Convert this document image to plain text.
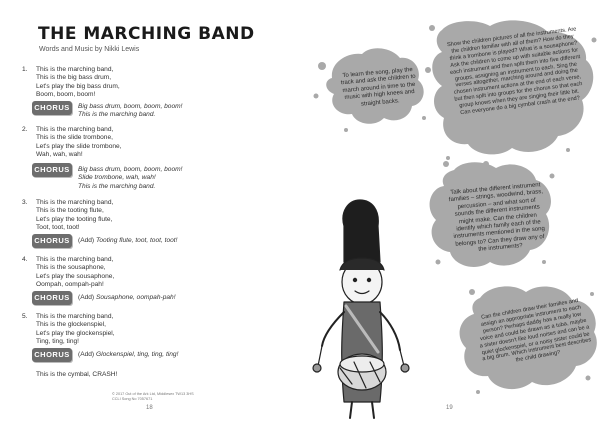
THE MARCHING BAND
Words and Music by Nikki Lewis
1. This is the marching band,
This is the big bass drum,
Let's play the big bass drum,
Boom, boom, boom!
CHORUS	Big bass drum, boom, boom, boom!
This is the marching band.
2. This is the marching band,
This is the slide trombone,
Let's play the slide trombone,
Wah, wah, wah!
CHORUS	Big bass drum, boom, boom, boom!
Slide trombone, wah, wah!
This is the marching band.
3. This is the marching band,
This is the tooting flute,
Let's play the tooting flute,
Toot, toot, toot!
CHORUS	(Add) Tooting flute, toot, toot, toot!
4. This is the marching band,
This is the sousaphone,
Let's play the sousaphone,
Oompah, oompah-pah!
CHORUS	(Add) Sousaphone, oompah-pah!
5. This is the marching band,
This is the glockenspiel,
Let's play the glockenspiel,
Ting, ting, ting!
CHORUS	(Add) Glockenspiel, ting, ting, ting!
This is the cymbal, CRASH!
© 2017 Out of the Ark Ltd, Middlesex TW13 3HS
CCLI Song No 7057671
18
To learn the song, play the track and ask the children to march around in time to the music with high knees and straight backs.
Show the children pictures of all the instruments. Are the children familiar with all of them? How do they think a trombone is played? What is a sousaphone? Ask the children to come up with suitable actions for each instrument and then split them into five different groups, assigning an instrument to each. Sing the verses altogether, marching around and doing the chosen instrument actions at the end of each verse, but then split into groups for the chorus so that each group knows when they are singing their little bit. Can everyone do a big cymbal crash at the end?
Talk about the different instrument families – strings, woodwind, brass, percussion – and what sort of sounds the different instruments might make. Can the children identify which family each of the instruments mentioned in the song belongs to? Can they draw any of the instruments?
Can the children draw their families and assign an appropriate instrument to each person? Perhaps daddy has a really low voice and could be drawn as a tuba, maybe a sister doesn't like loud noises and can be a quiet glockenspiel, or a noisy sister could be a big drum. Which instrument best describes the child drawing?
19
